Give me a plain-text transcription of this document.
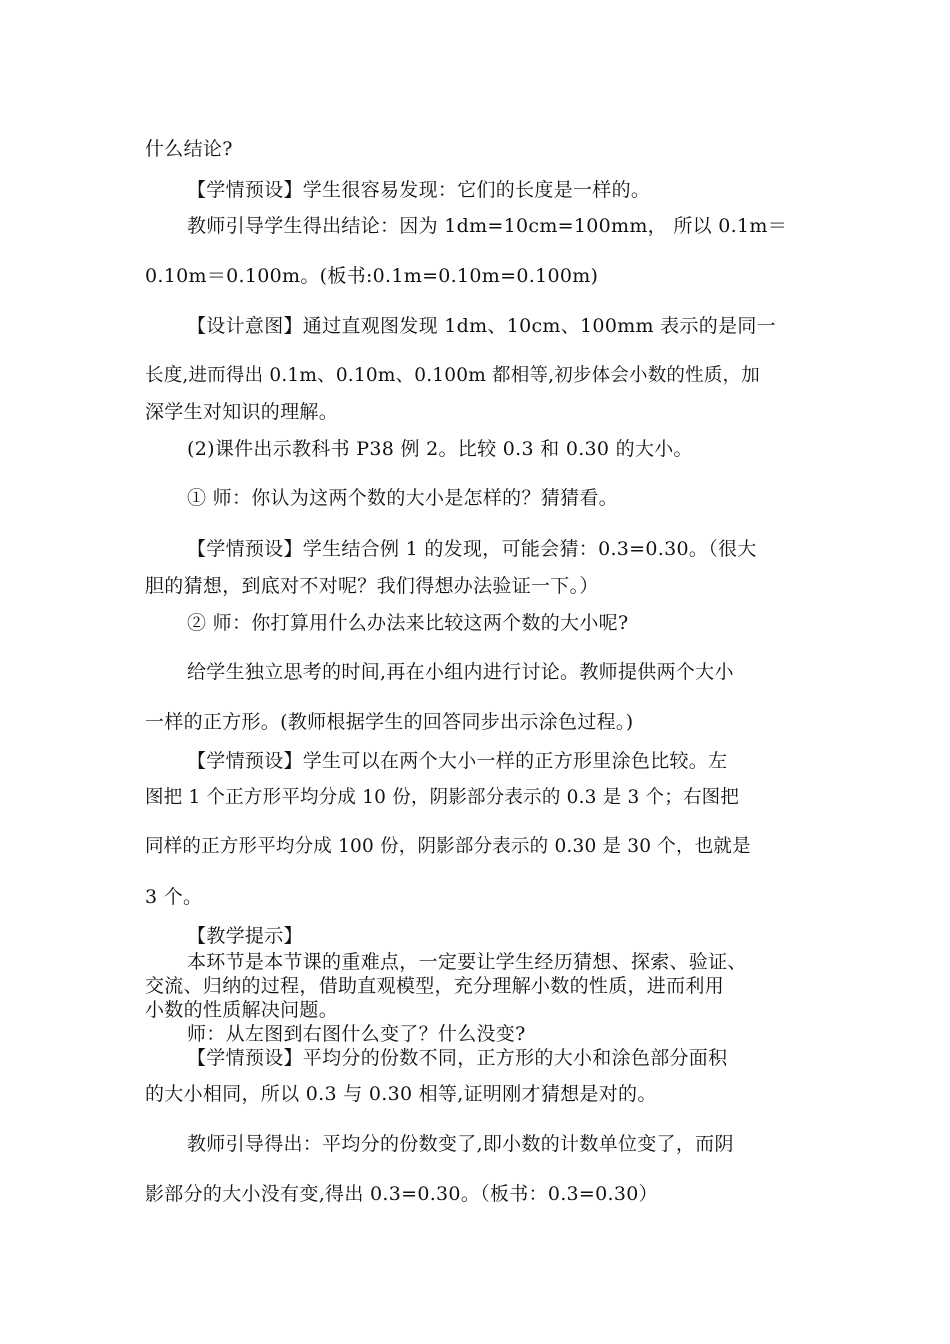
什么结论?
【学情预设】学生很容易发现：它们的长度是一样的。
教师引导学生得出结论：因为 1dm=10cm=100mm， 所以 0.1m＝
0.10m＝0.100m。(板书:0.1m=0.10m=0.100m)
【设计意图】通过直观图发现 1dm、10cm、100mm 表示的是同一
长度,进而得出 0.1m、0.10m、0.100m 都相等,初步体会小数的性质，加
深学生对知识的理解。
(2)课件出示教科书 P38 例 2。比较 0.3 和 0.30 的大小。
① 师：你认为这两个数的大小是怎样的？猜猜看。
【学情预设】学生结合例 1 的发现，可能会猜：0.3=0.30。（很大
胆的猜想，到底对不对呢？我们得想办法验证一下。）
② 师：你打算用什么办法来比较这两个数的大小呢?
给学生独立思考的时间,再在小组内进行讨论。教师提供两个大小
一样的正方形。(教师根据学生的回答同步出示涂色过程。)
【学情预设】学生可以在两个大小一样的正方形里涂色比较。左
图把 1 个正方形平均分成 10 份，阴影部分表示的 0.3 是 3 个；右图把
同样的正方形平均分成 100 份，阴影部分表示的 0.30 是 30 个，也就是
3 个。
【教学提示】
本环节是本节课的重难点，一定要让学生经历猜想、探索、验证、
交流、归纳的过程，借助直观模型，充分理解小数的性质，进而利用
小数的性质解决问题。
师：从左图到右图什么变了？什么没变?
【学情预设】平均分的份数不同，正方形的大小和涂色部分面积
的大小相同，所以 0.3 与 0.30 相等,证明刚才猜想是对的。
教师引导得出：平均分的份数变了,即小数的计数单位变了，而阴
影部分的大小没有变,得出 0.3=0.30。（板书：0.3=0.30）
